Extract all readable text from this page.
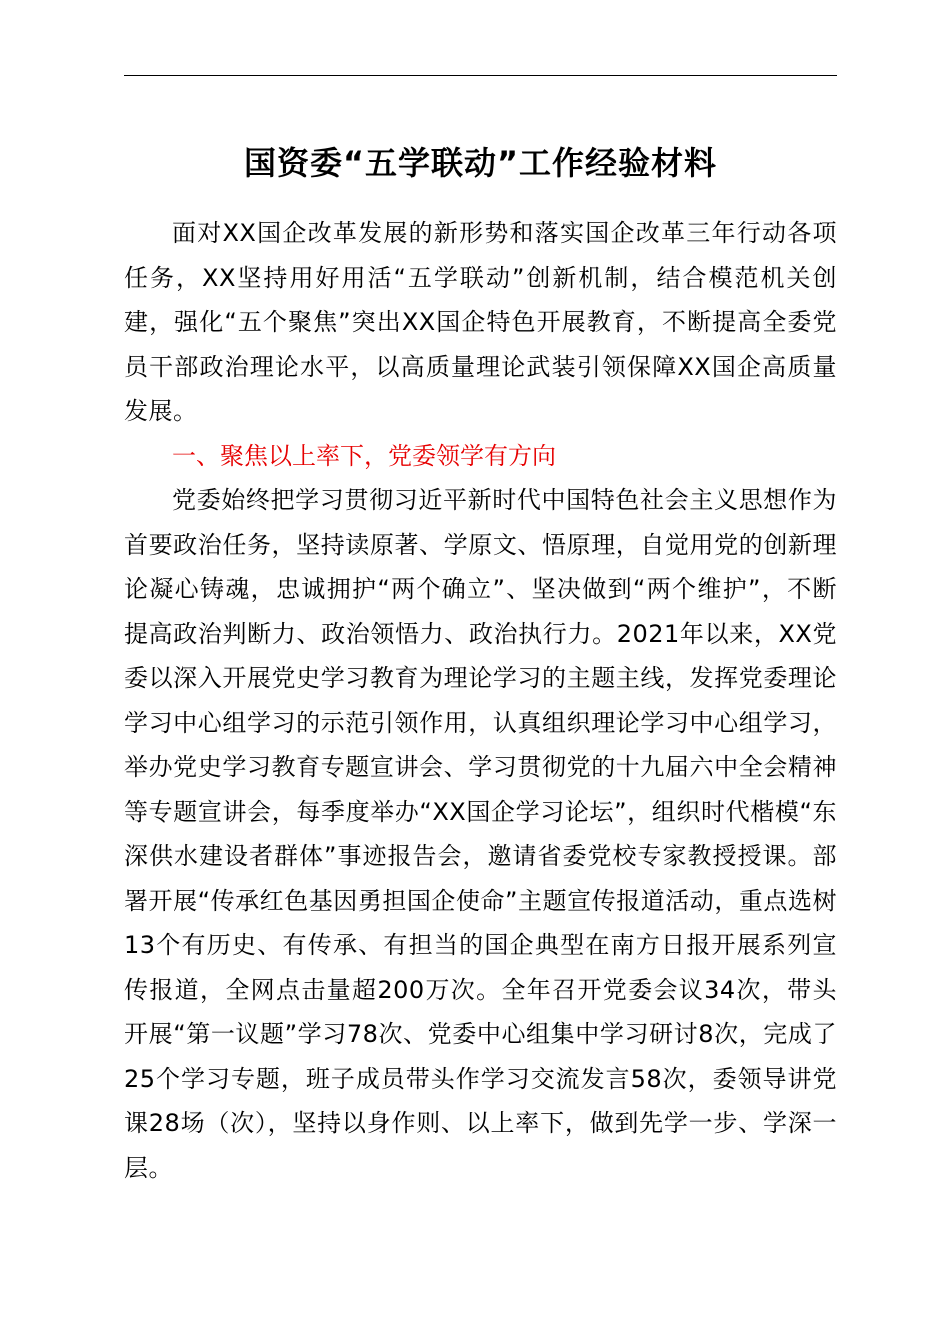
国资委“五学联动”工作经验材料

面对XX国企改革发展的新形势和落实国企改革三年行动各项任务，XX坚持用好用活“五学联动”创新机制，结合模范机关创建，强化“五个聚焦”突出XX国企特色开展教育，不断提高全委党员干部政治理论水平，以高质量理论武装引领保障XX国企高质量发展。

一、聚焦以上率下，党委领学有方向

党委始终把学习贯彻习近平新时代中国特色社会主义思想作为首要政治任务，坚持读原著、学原文、悟原理，自觉用党的创新理论凝心铸魂，忠诚拥护“两个确立”、坚决做到“两个维护”，不断提高政治判断力、政治领悟力、政治执行力。2021年以来，XX党委以深入开展党史学习教育为理论学习的主题主线，发挥党委理论学习中心组学习的示范引领作用，认真组织理论学习中心组学习，举办党史学习教育专题宣讲会、学习贯彻党的十九届六中全会精神等专题宣讲会，每季度举办“XX国企学习论坛”，组织时代楷模“东深供水建设者群体”事迹报告会，邀请省委党校专家教授授课。部署开展“传承红色基因勇担国企使命”主题宣传报道活动，重点选树13个有历史、有传承、有担当的国企典型在南方日报开展系列宣传报道，全网点击量超200万次。全年召开党委会议34次，带头开展“第一议题”学习78次、党委中心组集中学习研讨8次，完成了25个学习专题，班子成员带头作学习交流发言58次，委领导讲党课28场（次），坚持以身作则、以上率下，做到先学一步、学深一层。
